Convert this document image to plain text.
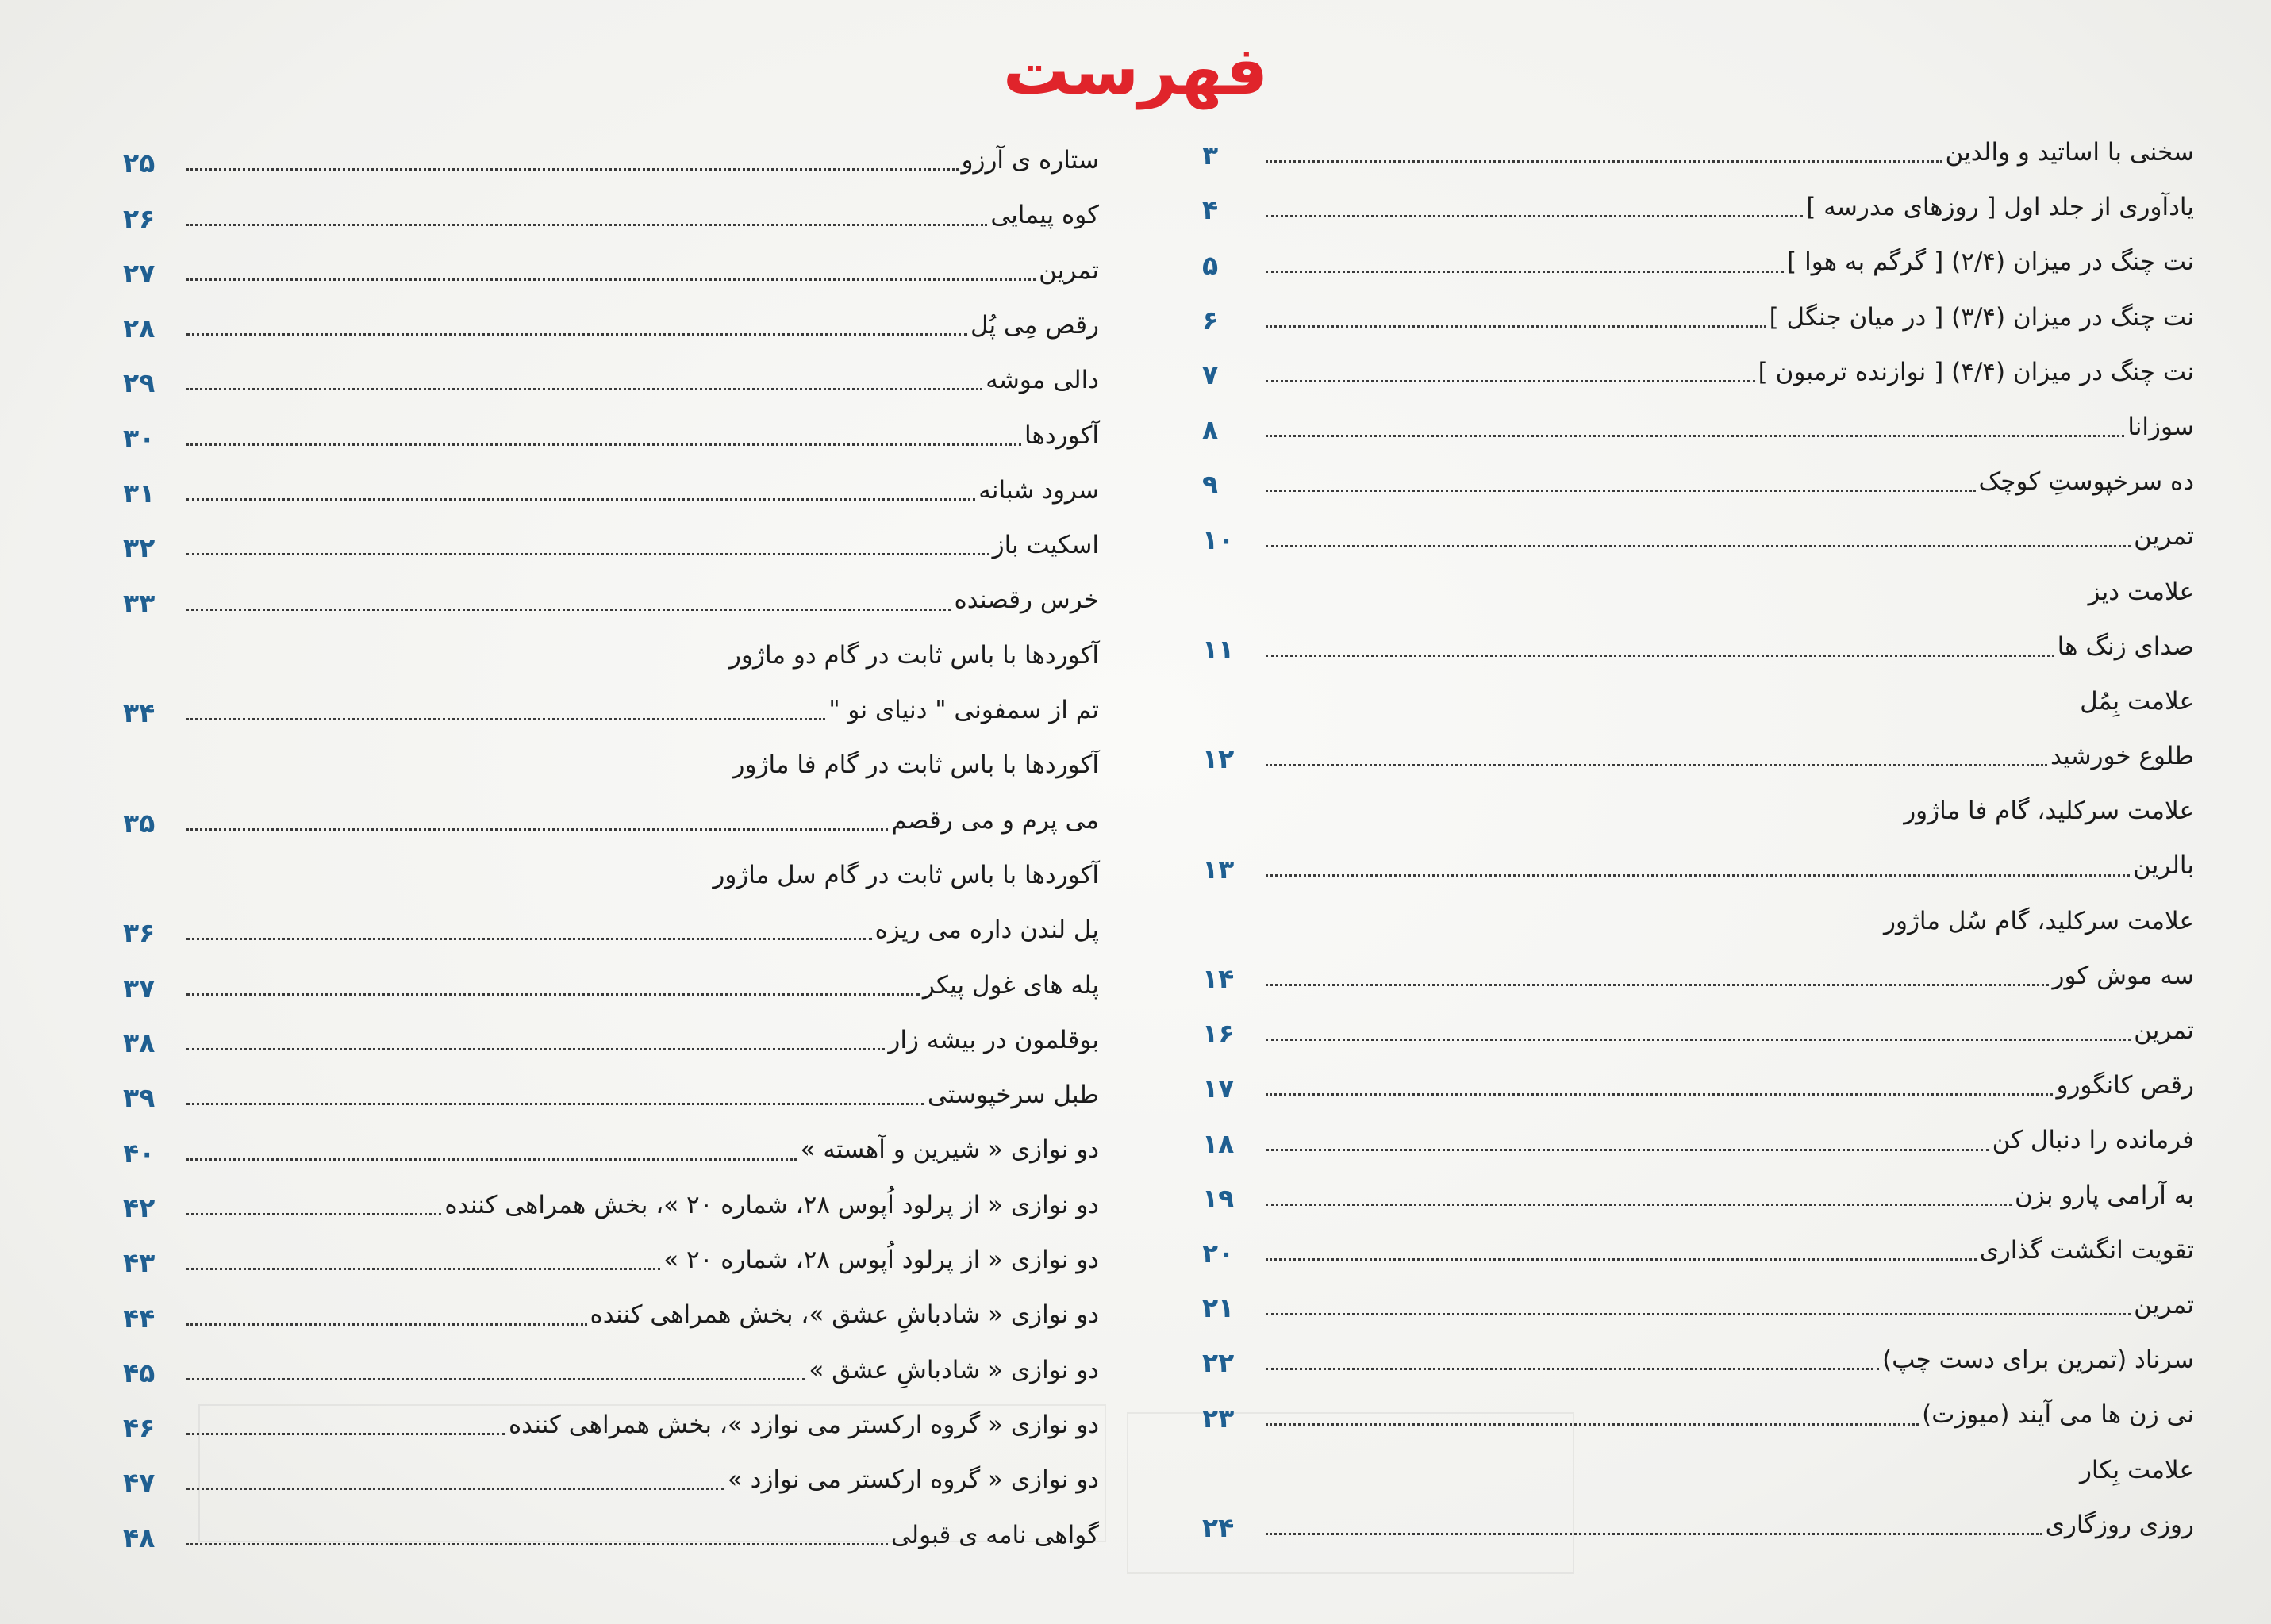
فهرست
سخنی با اساتید و والدین
۳
یادآوری از جلد اول [ روزهای مدرسه ]
۴
نت چنگ در میزان (۲/۴) [ گرگم به هوا ]
۵
نت چنگ در میزان (۳/۴) [ در میان جنگل ]
۶
نت چنگ در میزان (۴/۴) [ نوازنده ترمبون ]
۷
سوزانا
۸
ده سرخپوستِ کوچک
۹
تمرین
۱۰
علامت دیز
صدای زنگ ها
۱۱
علامت بِمُل
طلوع خورشید
۱۲
علامت سرکلید، گام فا ماژور
بالرین
۱۳
علامت سرکلید، گام سُل ماژور
سه موش کور
۱۴
تمرین
۱۶
رقص کانگورو
۱۷
فرمانده را دنبال کن
۱۸
به آرامی پارو بزن
۱۹
تقویت انگشت گذاری
۲۰
تمرین
۲۱
سرناد (تمرین برای دست چپ)
۲۲
نی زن ها می آیند (میوزت)
۲۳
علامت بِکار
روزی روزگاری
۲۴
ستاره ی آرزو
۲۵
کوه پیمایی
۲۶
تمرین
۲۷
رقص مِی پُل
۲۸
دالی موشه
۲۹
آکوردها
۳۰
سرود شبانه
۳۱
اسکیت باز
۳۲
خرس رقصنده
۳۳
آکوردها با باس ثابت در گام دو ماژور
تم از سمفونی " دنیای نو "
۳۴
آکوردها با باس ثابت در گام فا ماژور
می پرم و می رقصم
۳۵
آکوردها با باس ثابت در گام سل ماژور
پل لندن داره می ریزه
۳۶
پله های غول پیکر
۳۷
بوقلمون در بیشه زار
۳۸
طبل سرخپوستی
۳۹
دو نوازی « شیرین و آهسته »
۴۰
دو نوازی « از پرلود اُپوس ۲۸، شماره ۲۰ »، بخش همراهی کننده
۴۲
دو نوازی « از پرلود اُپوس ۲۸، شماره ۲۰ »
۴۳
دو نوازی « شادباشِ عشق »، بخش همراهی کننده
۴۴
دو نوازی « شادباشِ عشق »
۴۵
دو نوازی « گروه ارکستر می نوازد »، بخش همراهی کننده
۴۶
دو نوازی « گروه ارکستر می نوازد »
۴۷
گواهی نامه ی قبولی
۴۸
